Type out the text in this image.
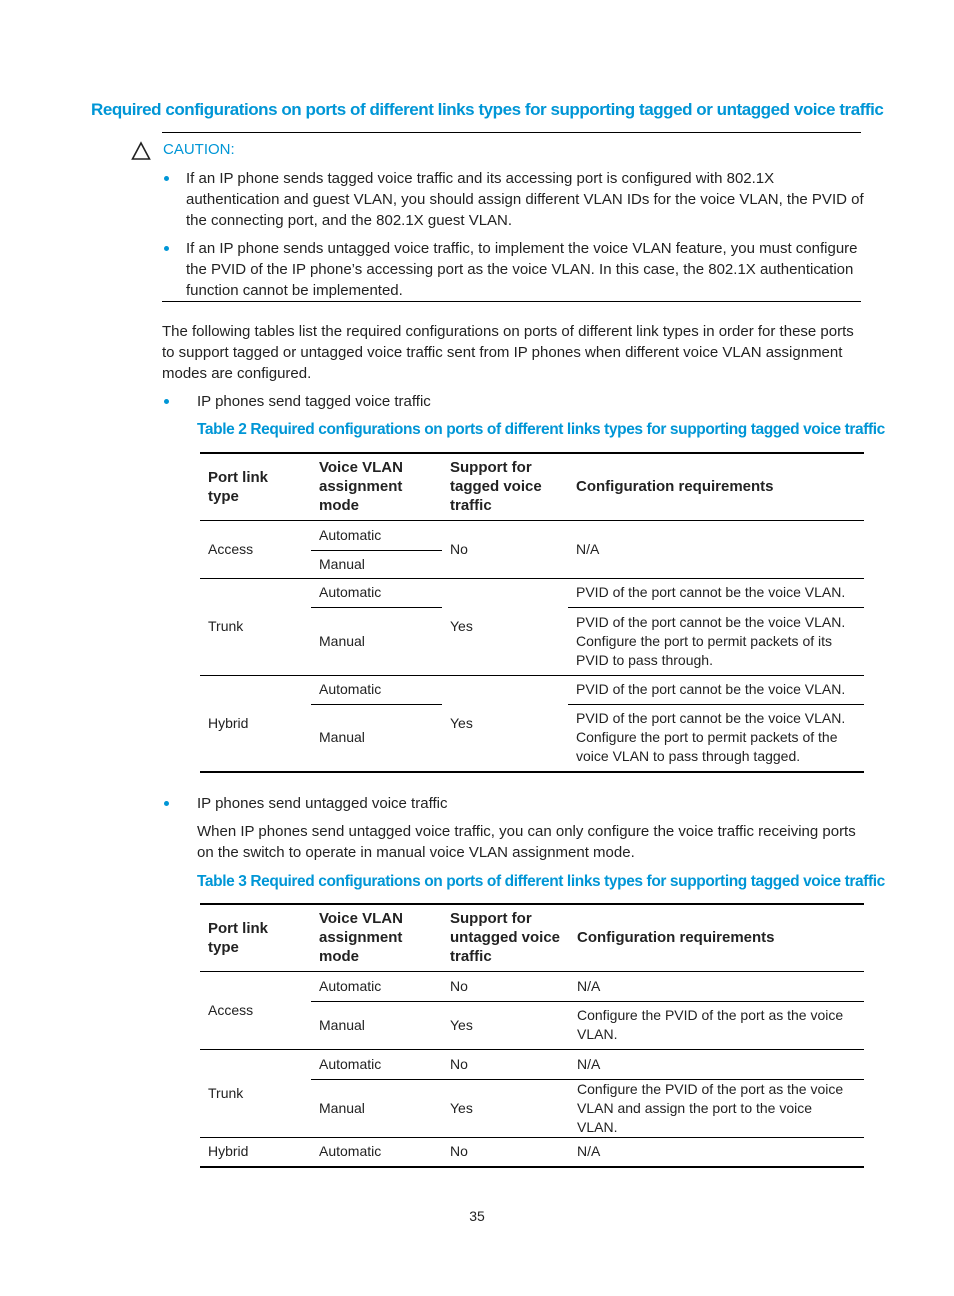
Required configurations on ports of different links types for supporting tagged or untagged voice traffic
CAUTION:
If an IP phone sends tagged voice traffic and its accessing port is configured with 802.1X authentication and guest VLAN, you should assign different VLAN IDs for the voice VLAN, the PVID of the connecting port, and the 802.1X guest VLAN.
If an IP phone sends untagged voice traffic, to implement the voice VLAN feature, you must configure the PVID of the IP phone’s accessing port as the voice VLAN. In this case, the 802.1X authentication function cannot be implemented.
The following tables list the required configurations on ports of different link types in order for these ports to support tagged or untagged voice traffic sent from IP phones when different voice VLAN assignment modes are configured.
IP phones send tagged voice traffic
Table 2 Required configurations on ports of different links types for supporting tagged voice traffic
Port link type	Voice VLAN assignment mode	Support for tagged voice traffic	Configuration requirements
Access	Automatic	No	N/A
	Manual		
Trunk	Automatic	Yes	PVID of the port cannot be the voice VLAN.
	Manual		PVID of the port cannot be the voice VLAN. Configure the port to permit packets of its PVID to pass through.
Hybrid	Automatic	Yes	PVID of the port cannot be the voice VLAN.
	Manual		PVID of the port cannot be the voice VLAN. Configure the port to permit packets of the voice VLAN to pass through tagged.
IP phones send untagged voice traffic
When IP phones send untagged voice traffic, you can only configure the voice traffic receiving ports on the switch to operate in manual voice VLAN assignment mode.
Table 3 Required configurations on ports of different links types for supporting tagged voice traffic
Port link type	Voice VLAN assignment mode	Support for untagged voice traffic	Configuration requirements
Access	Automatic	No	N/A
	Manual	Yes	Configure the PVID of the port as the voice VLAN.
Trunk	Automatic	No	N/A
	Manual	Yes	Configure the PVID of the port as the voice VLAN and assign the port to the voice VLAN.
Hybrid	Automatic	No	N/A
35
